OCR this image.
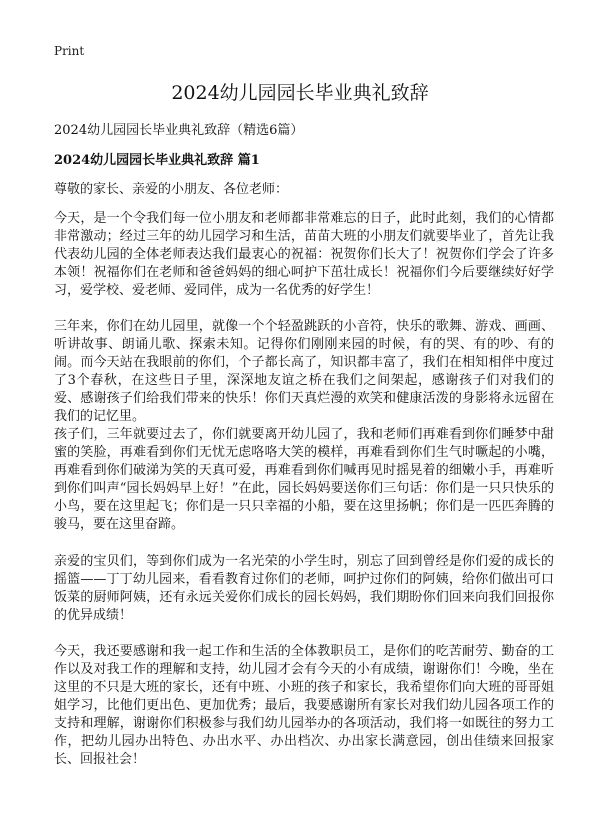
Print
2024幼儿园园长毕业典礼致辞
2024幼儿园园长毕业典礼致辞（精选6篇）
2024幼儿园园长毕业典礼致辞 篇1
尊敬的家长、亲爱的小朋友、各位老师：

今天，是一个令我们每一位小朋友和老师都非常难忘的日子，此时此刻，我们的心情都非常激动；经过三年的幼儿园学习和生活，苗苗大班的小朋友们就要毕业了，首先让我代表幼儿园的全体老师表达我们最衷心的祝福：祝贺你们长大了！祝贺你们学会了许多本领！祝福你们在老师和爸爸妈妈的细心呵护下茁壮成长！祝福你们今后要继续好好学习，爱学校、爱老师、爱同伴，成为一名优秀的好学生！

三年来，你们在幼儿园里，就像一个个轻盈跳跃的小音符，快乐的歌舞、游戏、画画、听讲故事、朗诵儿歌、探索未知。记得你们刚刚来园的时候，有的哭、有的吵、有的闹。而今天站在我眼前的你们，个子都长高了，知识都丰富了，我们在相知相伴中度过了3个春秋，在这些日子里，深深地友谊之桥在我们之间架起，感谢孩子们对我们的爱、感谢孩子们给我们带来的快乐！你们天真烂漫的欢笑和健康活泼的身影将永远留在我们的记忆里。

孩子们，三年就要过去了，你们就要离开幼儿园了，我和老师们再难看到你们睡梦中甜蜜的笑脸，再难看到你们无忧无虑咯咯大笑的模样，再难看到你们生气时噘起的小嘴，再难看到你们破涕为笑的天真可爱，再难看到你们喊再见时摇晃着的细嫩小手，再难听到你们叫声“园长妈妈早上好！”在此，园长妈妈要送你们三句话：你们是一只只快乐的小鸟，要在这里起飞；你们是一只只幸福的小船，要在这里扬帆；你们是一匹匹奔腾的骏马，要在这里奋蹄。

亲爱的宝贝们，等到你们成为一名光荣的小学生时，别忘了回到曾经是你们爱的成长的摇篮——丁丁幼儿园来，看看教育过你们的老师，呵护过你们的阿姨，给你们做出可口饭菜的厨师阿姨，还有永远关爱你们成长的园长妈妈，我们期盼你们回来向我们回报你的优异成绩！

今天，我还要感谢和我一起工作和生活的全体教职员工，是你们的吃苦耐劳、勤奋的工作以及对我工作的理解和支持，幼儿园才会有今天的小有成绩，谢谢你们！今晚，坐在这里的不只是大班的家长，还有中班、小班的孩子和家长，我希望你们向大班的哥哥姐姐学习，比他们更出色、更加优秀；最后，我要感谢所有家长对我们幼儿园各项工作的支持和理解，谢谢你们积极参与我们幼儿园举办的各项活动，我们将一如既往的努力工作，把幼儿园办出特色、办出水平、办出档次、办出家长满意园，创出佳绩来回报家长、回报社会！
